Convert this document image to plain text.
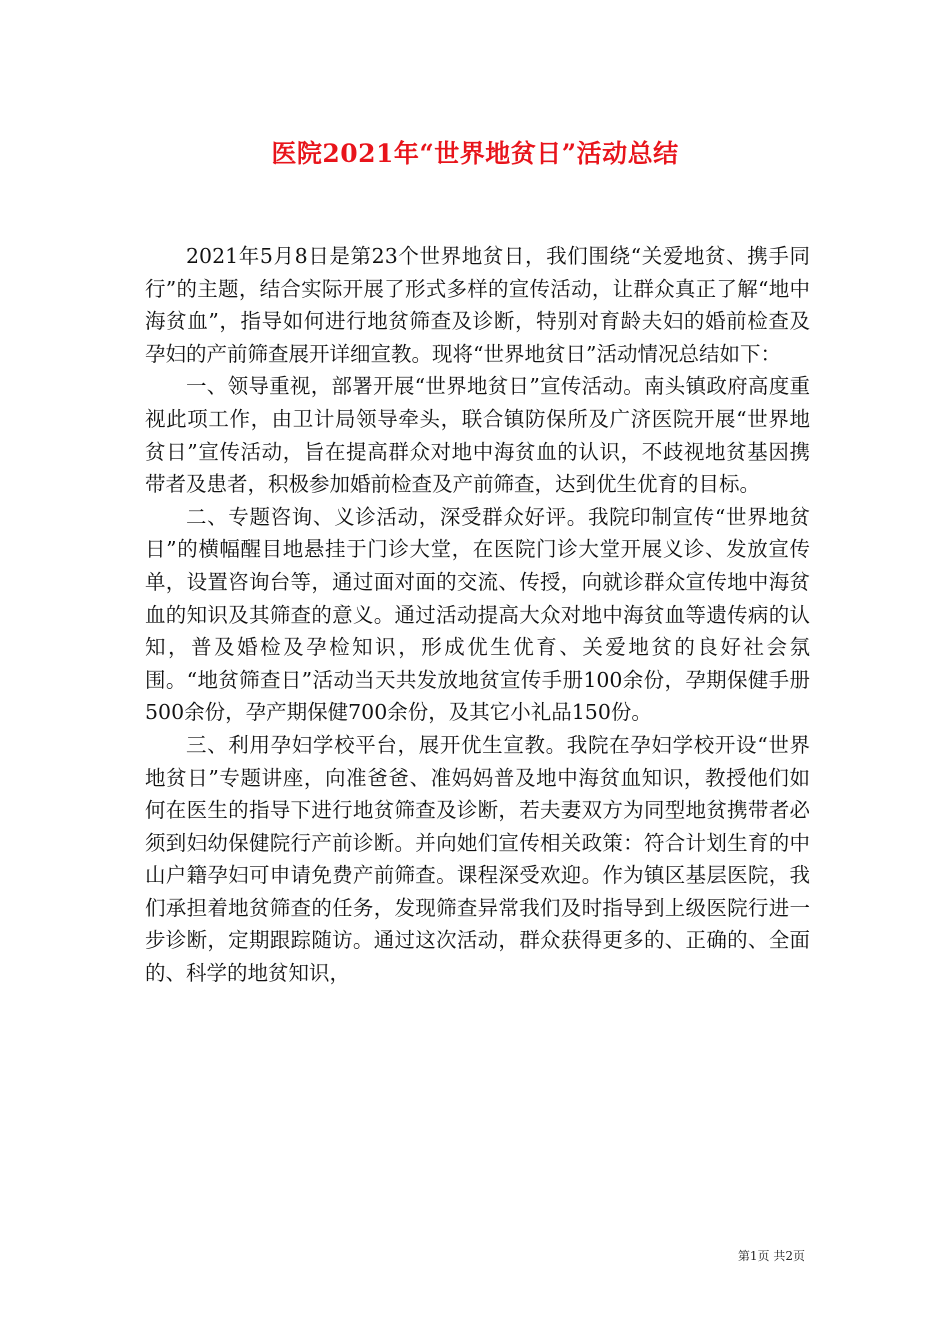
医院2021年“世界地贫日”活动总结

2021年5月8日是第23个世界地贫日，我们围绕“关爱地贫、携手同行”的主题，结合实际开展了形式多样的宣传活动，让群众真正了解“地中海贫血”，指导如何进行地贫筛查及诊断，特别对育龄夫妇的婚前检查及孕妇的产前筛查展开详细宣教。现将“世界地贫日”活动情况总结如下：

一、领导重视，部署开展“世界地贫日”宣传活动。南头镇政府高度重视此项工作，由卫计局领导牵头，联合镇防保所及广济医院开展“世界地贫日”宣传活动，旨在提高群众对地中海贫血的认识，不歧视地贫基因携带者及患者，积极参加婚前检查及产前筛查，达到优生优育的目标。

二、专题咨询、义诊活动，深受群众好评。我院印制宣传“世界地贫日”的横幅醒目地悬挂于门诊大堂，在医院门诊大堂开展义诊、发放宣传单，设置咨询台等，通过面对面的交流、传授，向就诊群众宣传地中海贫血的知识及其筛查的意义。通过活动提高大众对地中海贫血等遗传病的认知，普及婚检及孕检知识，形成优生优育、关爱地贫的良好社会氛围。“地贫筛查日”活动当天共发放地贫宣传手册100余份，孕期保健手册500余份，孕产期保健700余份，及其它小礼品150份。

三、利用孕妇学校平台，展开优生宣教。我院在孕妇学校开设“世界地贫日”专题讲座，向准爸爸、准妈妈普及地中海贫血知识，教授他们如何在医生的指导下进行地贫筛查及诊断，若夫妻双方为同型地贫携带者必须到妇幼保健院行产前诊断。并向她们宣传相关政策：符合计划生育的中山户籍孕妇可申请免费产前筛查。课程深受欢迎。作为镇区基层医院，我们承担着地贫筛查的任务，发现筛查异常我们及时指导到上级医院行进一步诊断，定期跟踪随访。通过这次活动，群众获得更多的、正确的、全面的、科学的地贫知识，

第1页 共2页
